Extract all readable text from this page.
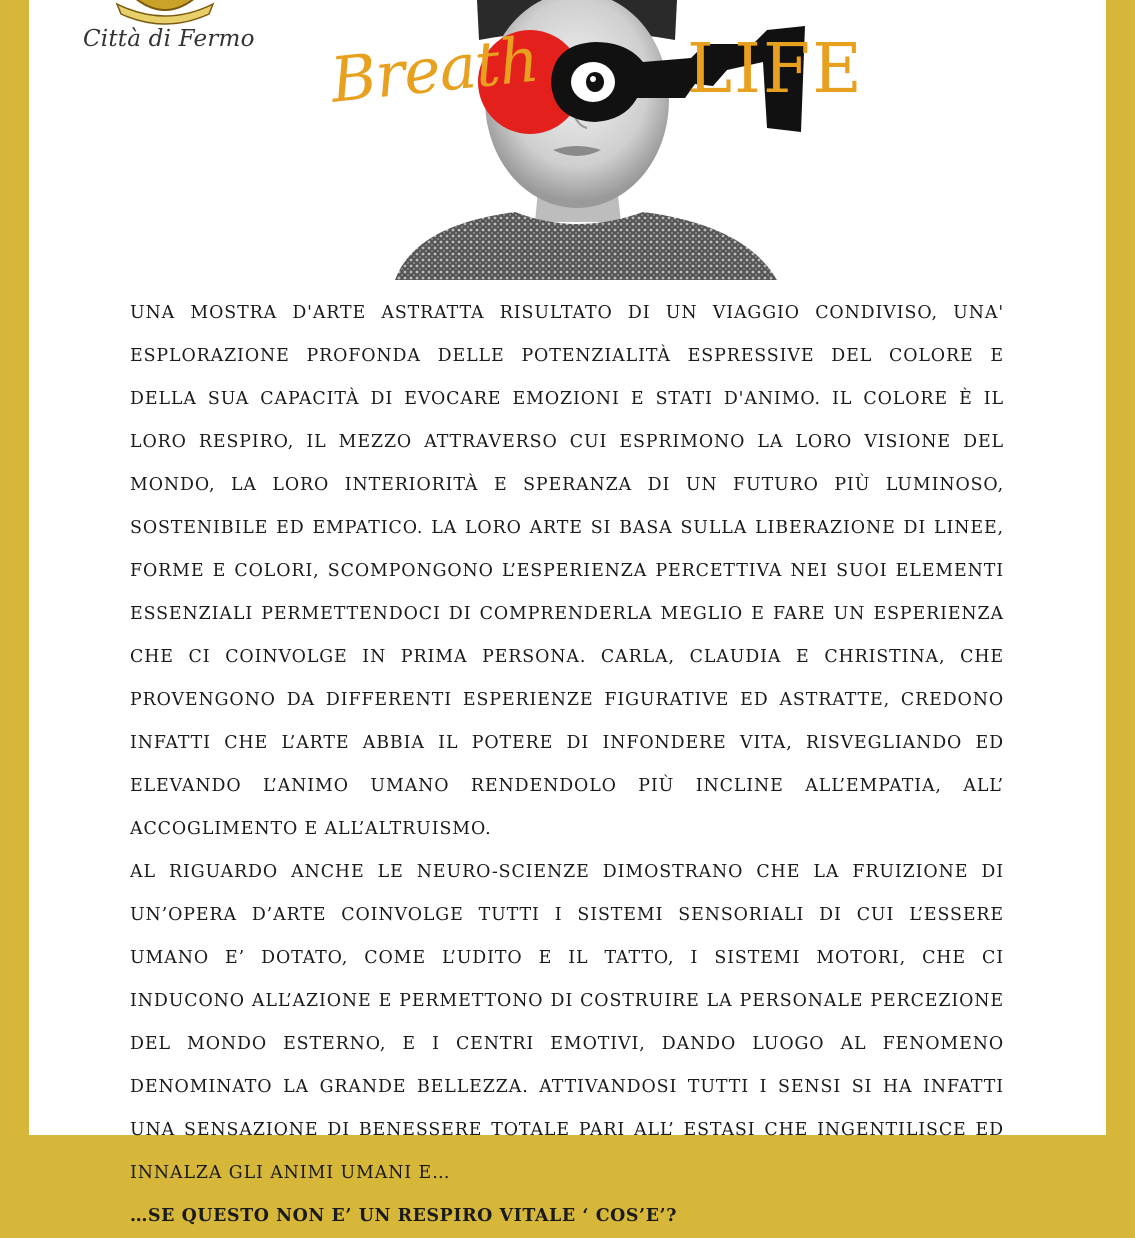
Città di Fermo Breath LIFE

UNA MOSTRA D'ARTE ASTRATTA RISULTATO DI UN VIAGGIO CONDIVISO, UNA' ESPLORAZIONE PROFONDA DELLE POTENZIALITÀ ESPRESSIVE DEL COLORE E DELLA SUA CAPACITÀ DI EVOCARE EMOZIONI E STATI D'ANIMO. IL COLORE È IL LORO RESPIRO, IL MEZZO ATTRAVERSO CUI ESPRIMONO LA LORO VISIONE DEL MONDO, LA LORO INTERIORITÀ E SPERANZA DI UN FUTURO PIÙ LUMINOSO, SOSTENIBILE ED EMPATICO. LA LORO ARTE SI BASA SULLA LIBERAZIONE DI LINEE, FORME E COLORI, SCOMPONGONO L’ESPERIENZA PERCETTIVA NEI SUOI ELEMENTI ESSENZIALI PERMETTENDOCI DI COMPRENDERLA MEGLIO E FARE UN ESPERIENZA CHE CI COINVOLGE IN PRIMA PERSONA. CARLA, CLAUDIA E CHRISTINA, CHE PROVENGONO DA DIFFERENTI ESPERIENZE FIGURATIVE ED ASTRATTE, CREDONO INFATTI CHE L’ARTE ABBIA IL POTERE DI INFONDERE VITA, RISVEGLIANDO ED ELEVANDO L’ANIMO UMANO RENDENDOLO PIÙ INCLINE ALL’EMPATIA, ALL’ ACCOGLIMENTO E ALL’ALTRUISMO.

AL RIGUARDO ANCHE LE NEURO-SCIENZE DIMOSTRANO CHE LA FRUIZIONE DI UN’OPERA D’ARTE COINVOLGE TUTTI I SISTEMI SENSORIALI DI CUI L’ESSERE UMANO E’ DOTATO, COME L’UDITO E IL TATTO, I SISTEMI MOTORI, CHE CI INDUCONO ALL’AZIONE E PERMETTONO DI COSTRUIRE LA PERSONALE PERCEZIONE DEL MONDO ESTERNO, E I CENTRI EMOTIVI, DANDO LUOGO AL FENOMENO DENOMINATO LA GRANDE BELLEZZA. ATTIVANDOSI TUTTI I SENSI SI HA INFATTI UNA SENSAZIONE DI BENESSERE TOTALE PARI ALL’ ESTASI CHE INGENTILISCE ED INNALZA GLI ANIMI UMANI E…

…SE QUESTO NON E’ UN RESPIRO VITALE ‘ COS’E’?
